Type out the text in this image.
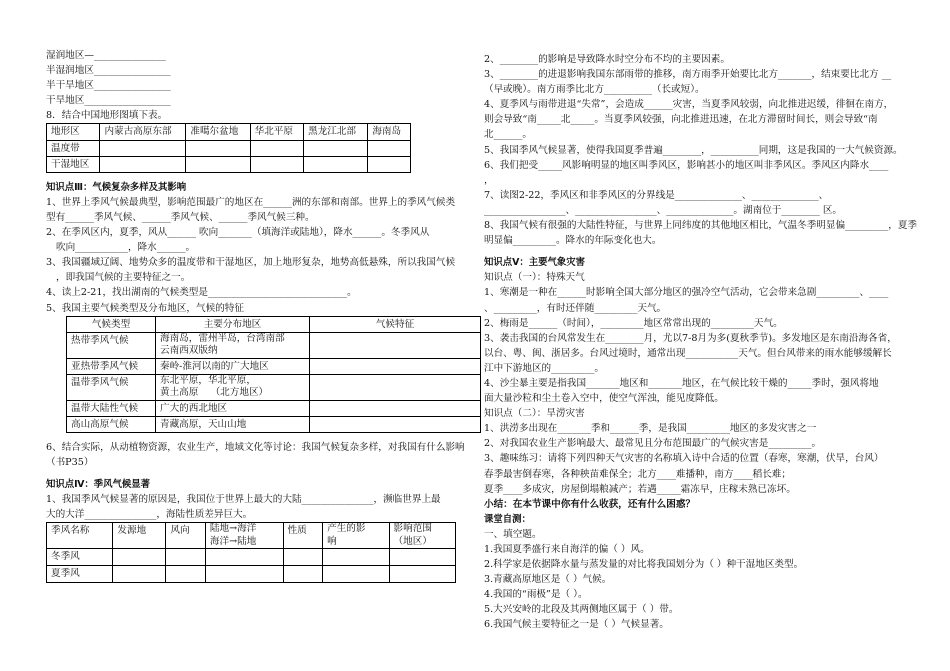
湿润地区—_______________
半湿润地区________________
半干旱地区________________
干旱地区__________________
8．结合中国地形图填下表。
地形区	内蒙古高原东部	准噶尔盆地	华北平原	黑龙江北部	海南岛
温度带					
干湿地区					
知识点Ⅲ：气候复杂多样及其影响
1、世界上季风气候最典型，影响范围最广的地区在______洲的东部和南部。世界上的季风气候类
型有______季风气候、______季风气候、______季风气候三种。
2、在季风区内，夏季，风从______ 吹向_______（填海洋或陆地），降水______。冬季风从
吹向___________，降水______。
3、我国疆域辽阔、地势众多的温度带和干湿地区，加上地形复杂，地势高低悬殊，所以我国气候
，即我国气候的主要特征之一。
4、读上2-21，找出湖南的气候类型是_____________________________。
5、我国主要气候类型及分布地区，气候的特征
气候类型	主要分布地区	气候特征
热带季风气候	海南岛，雷州半岛，台湾南部
云南西双版纳	
亚热带季风气候	秦岭-淮河以南的广大地区	
温带季风气候	东北平原，华北平原，
黄土高原    （北方地区）	
温带大陆性气候	广大的西北地区	
高山高原气候	青藏高原，天山山地	
6、结合实际，从动植物资源，农业生产，地域文化等讨论：我国气候复杂多样，对我国有什么影响
（书P35）
知识点Ⅳ：季风气候显著
1、我国季风气候显著的原因是，我国位于世界上最大的大陆_______________，濒临世界上最
大的大洋_______________，海陆性质差异巨大。
季风名称	发源地	风向	陆地→海洋
海洋→陆地	性质	产生的影
响	影响范围
（地区）
冬季风						
夏季风						
2、________的影响是导致降水时空分布不均的主要因素。
3、________的进退影响我国东部雨带的推移，南方雨季开始要比北方_______，结束要比北方 __
（早或晚）。南方雨季比北方__________（长或短）。
4、夏季风与雨带进退“失常”，会造成______灾害，当夏季风较弱，向北推进迟缓，徘徊在南方，
则会导致“南_____北_____。当夏季风较强，向北推进迅速，在北方滞留时间长，则会导致“南
北______。
5、我国季风气候显著，使得我国夏季普遍________，__________同期，这是我国的一大气候资源。
6、我们把受_____风影响明显的地区叫季风区，影响甚小的地区叫非季风区。季风区内降水____
，
7、读图2-22，季风区和非季风区的分界线是______________、______________、
_________________、_________________、______________。湖南位于________ 区。
8、我国气候有很强的大陆性特征，与世界上同纬度的其他地区相比，气温冬季明显偏_________，夏季
明显偏_________。降水的年际变化也大。
知识点Ⅴ：主要气象灾害
知识点（一）：特殊天气
1、寒潮是一种在______时影响全国大部分地区的强冷空气活动，它会带来急剧_________、____
、_________，有时还伴随_________天气。
2、梅雨是______（时间），_________地区常常出现的_________天气。
3、袭击我国的台风常发生在________月，尤以7-8月为多(夏秋季节)。多发地区是东南沿海各省，
以台、粤、闽、浙居多。台风过境时，通常出现___________天气。但台风带来的雨水能够缓解长
江中下游地区的_________。
4、沙尘暴主要是指我国_______地区和_______地区，在气候比较干燥的_____季时，强风将地
面大量沙粒和尘土卷入空中，使空气浑浊，能见度降低。
知识点（二）：旱涝灾害
1、洪涝多出现在_______季和______季，是我国_________地区的多发灾害之一
2、对我国农业生产影响最大、最常见且分布范围最广的气候灾害是_________。
3、趣味练习：请将下列四种天气灾害的名称填入诗中合适的位置（春寒，寒潮，伏旱，台风）
春季最害倒春寒，各种秧苗难保全；北方____难播种，南方____稻长难；
夏季____多成灾，房屋倒塌粮减产；若遇_____霜冻早，庄稼未熟已冻坏。
小结：在本节课中你有什么收获，还有什么困惑？
课堂自测：
一、填空题。
1.我国夏季盛行来自海洋的偏（ ）风。
2.科学家是依据降水量与蒸发量的对比将我国划分为（ ）种干湿地区类型。
3.青藏高原地区是（ ）气候。
4.我国的“雨极”是（ ）。
5.大兴安岭的北段及其两侧地区属于（ ）带。
6.我国气候主要特征之一是（ ）气候显著。
